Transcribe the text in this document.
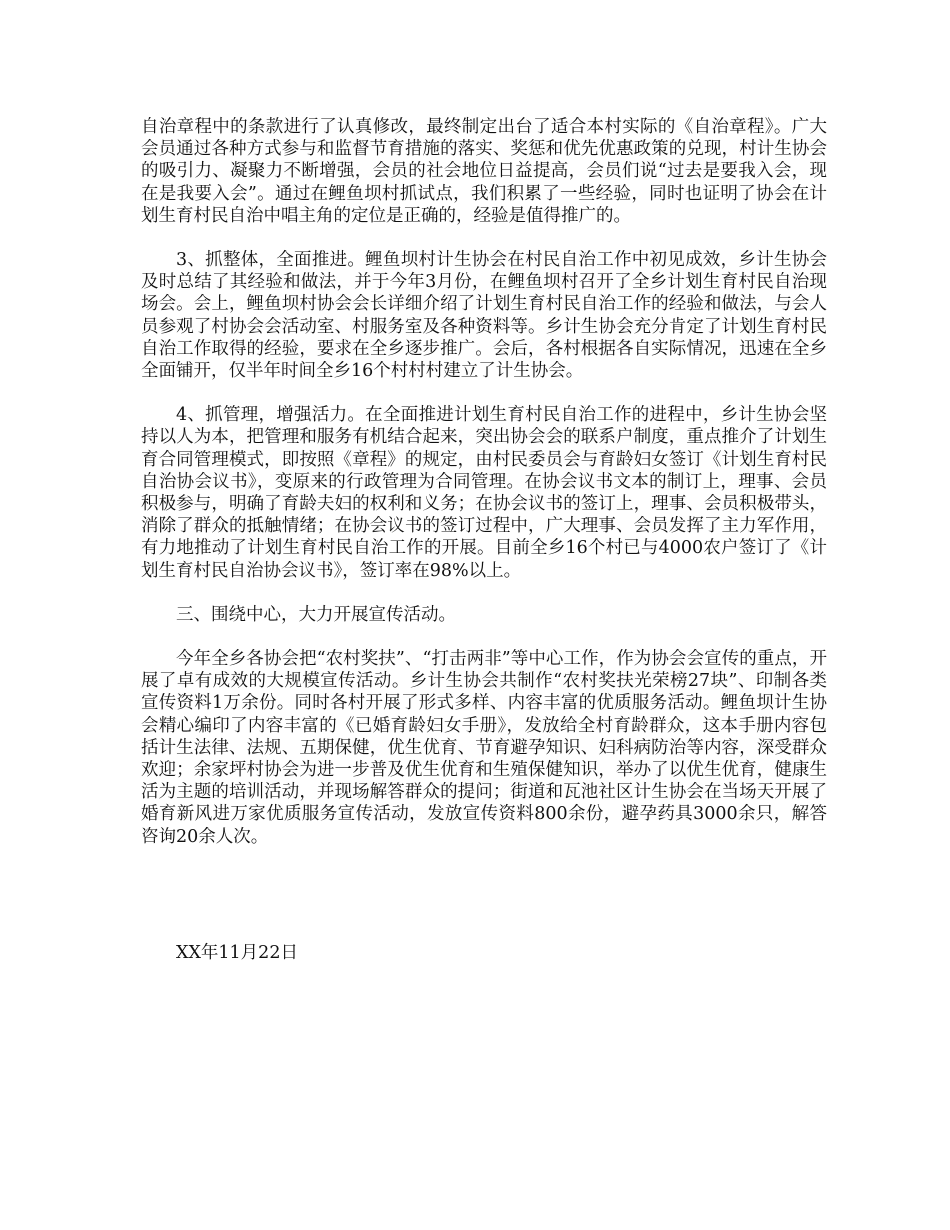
自治章程中的条款进行了认真修改，最终制定出台了适合本村实际的《自治章程》。广大会员通过各种方式参与和监督节育措施的落实、奖惩和优先优惠政策的兑现，村计生协会的吸引力、凝聚力不断增强，会员的社会地位日益提高，会员们说“过去是要我入会，现在是我要入会”。通过在鲤鱼坝村抓试点，我们积累了一些经验，同时也证明了协会在计划生育村民自治中唱主角的定位是正确的，经验是值得推广的。

3、抓整体，全面推进。鲤鱼坝村计生协会在村民自治工作中初见成效，乡计生协会及时总结了其经验和做法，并于今年3月份，在鲤鱼坝村召开了全乡计划生育村民自治现场会。会上，鲤鱼坝村协会会长详细介绍了计划生育村民自治工作的经验和做法，与会人员参观了村协会会活动室、村服务室及各种资料等。乡计生协会充分肯定了计划生育村民自治工作取得的经验，要求在全乡逐步推广。会后，各村根据各自实际情况，迅速在全乡全面铺开，仅半年时间全乡16个村村村建立了计生协会。

4、抓管理，增强活力。在全面推进计划生育村民自治工作的进程中，乡计生协会坚持以人为本，把管理和服务有机结合起来，突出协会会的联系户制度，重点推介了计划生育合同管理模式，即按照《章程》的规定，由村民委员会与育龄妇女签订《计划生育村民自治协会议书》，变原来的行政管理为合同管理。在协会议书文本的制订上，理事、会员积极参与，明确了育龄夫妇的权利和义务；在协会议书的签订上，理事、会员积极带头，消除了群众的抵触情绪；在协会议书的签订过程中，广大理事、会员发挥了主力军作用，有力地推动了计划生育村民自治工作的开展。目前全乡16个村已与4000农户签订了《计划生育村民自治协会议书》，签订率在98%以上。

三、围绕中心，大力开展宣传活动。

今年全乡各协会把“农村奖扶”、“打击两非”等中心工作，作为协会会宣传的重点，开展了卓有成效的大规模宣传活动。乡计生协会共制作“农村奖扶光荣榜27块”、印制各类宣传资料1万余份。同时各村开展了形式多样、内容丰富的优质服务活动。鲤鱼坝计生协会精心编印了内容丰富的《已婚育龄妇女手册》，发放给全村育龄群众，这本手册内容包括计生法律、法规、五期保健，优生优育、节育避孕知识、妇科病防治等内容，深受群众欢迎；余家坪村协会为进一步普及优生优育和生殖保健知识，举办了以优生优育，健康生活为主题的培训活动，并现场解答群众的提问；街道和瓦池社区计生协会在当场天开展了婚育新风进万家优质服务宣传活动，发放宣传资料800余份，避孕药具3000余只，解答咨询20余人次。

XX年11月22日
